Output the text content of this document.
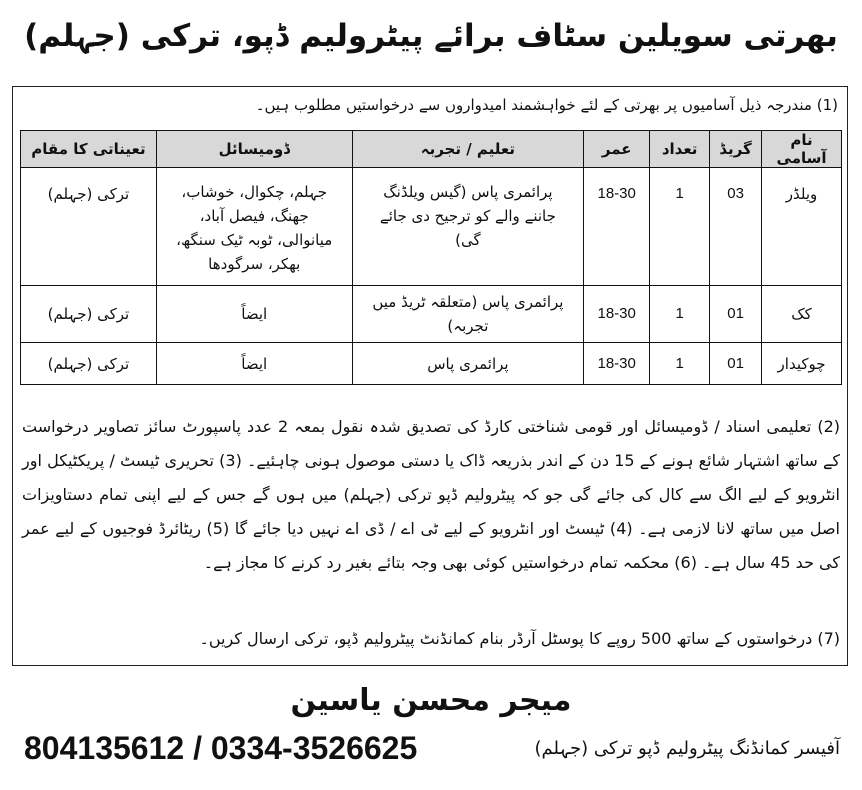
بھرتی سویلین سٹاف برائے پیٹرولیم ڈپو، ترکی (جہلم)
(1) مندرجہ ذیل آسامیوں پر بھرتی کے لئے خواہشمند امیدواروں سے درخواستیں مطلوب ہیں۔
نام آسامی	گریڈ	تعداد	عمر	تعلیم / تجربہ	ڈومیسائل	تعیناتی کا مقام
ویلڈر	03	1	18-30	پرائمری پاس (گیس ویلڈنگ جاننے والے کو ترجیح دی جائے گی)	جہلم، چکوال، خوشاب، جھنگ، فیصل آباد، میانوالی، ٹوبہ ٹیک سنگھ، بھکر، سرگودھا	ترکی (جہلم)
کک	01	1	18-30	پرائمری پاس (متعلقہ ٹریڈ میں تجربہ)	ایضاً	ترکی (جہلم)
چوکیدار	01	1	18-30	پرائمری پاس	ایضاً	ترکی (جہلم)
(2) تعلیمی اسناد / ڈومیسائل اور قومی شناختی کارڈ کی تصدیق شدہ نقول بمعہ 2 عدد پاسپورٹ سائز تصاویر درخواست کے ساتھ اشتہار شائع ہونے کے 15 دن کے اندر بذریعہ ڈاک یا دستی موصول ہونی چاہئیے۔ (3) تحریری ٹیسٹ / پریکٹیکل اور انٹرویو کے لیے الگ سے کال کی جائے گی جو کہ پیٹرولیم ڈپو ترکی (جہلم) میں ہوں گے جس کے لیے اپنی تمام دستاویزات اصل میں ساتھ لانا لازمی ہے۔ (4) ٹیسٹ اور انٹرویو کے لیے ٹی اے / ڈی اے نہیں دیا جائے گا (5) ریٹائرڈ فوجیوں کے لیے عمر کی حد 45 سال ہے۔ (6) محکمہ تمام درخواستیں کوئی بھی وجہ بتائے بغیر رد کرنے کا مجاز ہے۔
(7) درخواستوں کے ساتھ 500 روپے کا پوسٹل آرڈر بنام کمانڈنٹ پیٹرولیم ڈپو، ترکی ارسال کریں۔
میجر محسن یاسین
آفیسر کمانڈنگ پیٹرولیم ڈپو ترکی (جہلم)
804135612 / 0334-3526625
